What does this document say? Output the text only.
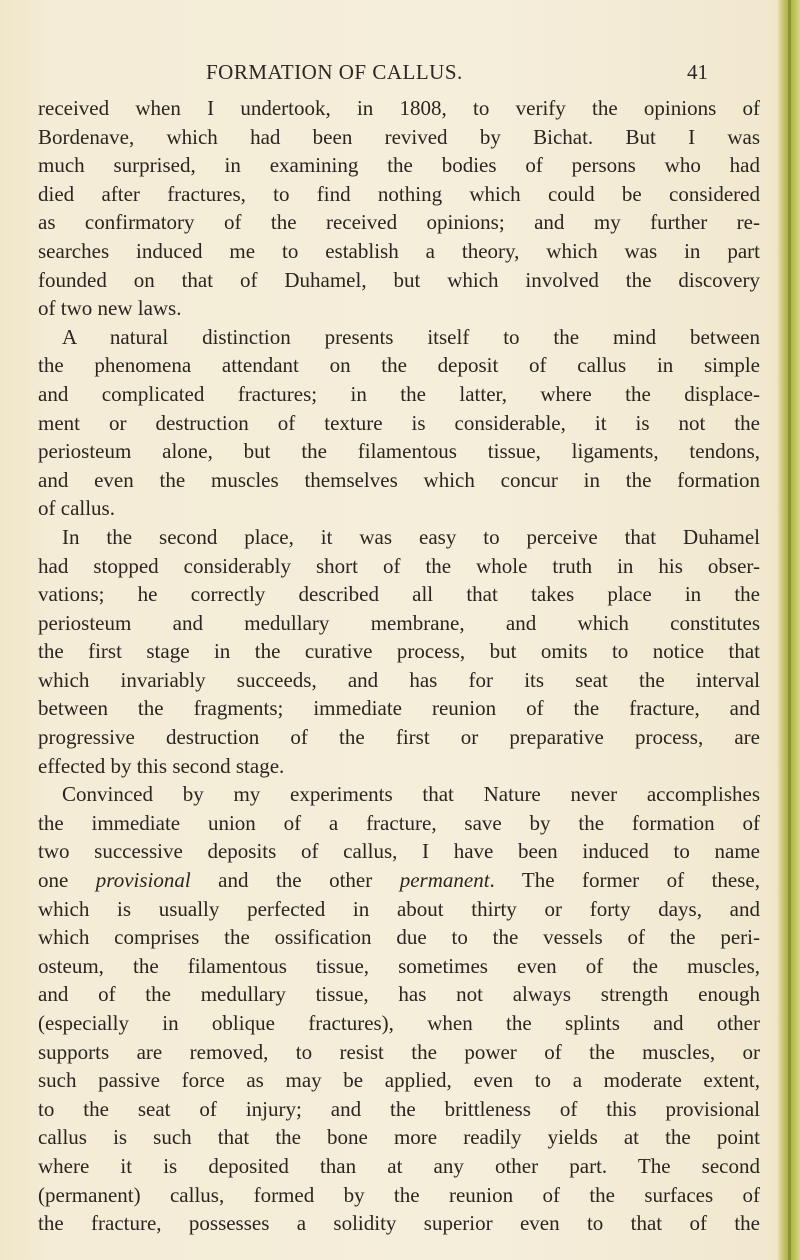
FORMATION OF CALLUS.	41
received when I undertook, in 1808, to verify the opinions of
Bordenave, which had been revived by Bichat. But I was
much surprised, in examining the bodies of persons who had
died after fractures, to find nothing which could be considered
as confirmatory of the received opinions; and my further re-
searches induced me to establish a theory, which was in part
founded on that of Duhamel, but which involved the discovery
of two new laws.
A natural distinction presents itself to the mind between
the phenomena attendant on the deposit of callus in simple
and complicated fractures; in the latter, where the displace-
ment or destruction of texture is considerable, it is not the
periosteum alone, but the filamentous tissue, ligaments, tendons,
and even the muscles themselves which concur in the formation
of callus.
In the second place, it was easy to perceive that Duhamel
had stopped considerably short of the whole truth in his obser-
vations; he correctly described all that takes place in the
periosteum and medullary membrane, and which constitutes
the first stage in the curative process, but omits to notice that
which invariably succeeds, and has for its seat the interval
between the fragments; immediate reunion of the fracture, and
progressive destruction of the first or preparative process, are
effected by this second stage.
Convinced by my experiments that Nature never accomplishes
the immediate union of a fracture, save by the formation of
two successive deposits of callus, I have been induced to name
one provisional and the other permanent. The former of these,
which is usually perfected in about thirty or forty days, and
which comprises the ossification due to the vessels of the peri-
osteum, the filamentous tissue, sometimes even of the muscles,
and of the medullary tissue, has not always strength enough
(especially in oblique fractures), when the splints and other
supports are removed, to resist the power of the muscles, or
such passive force as may be applied, even to a moderate extent,
to the seat of injury; and the brittleness of this provisional
callus is such that the bone more readily yields at the point
where it is deposited than at any other part. The second
(permanent) callus, formed by the reunion of the surfaces of
the fracture, possesses a solidity superior even to that of the
